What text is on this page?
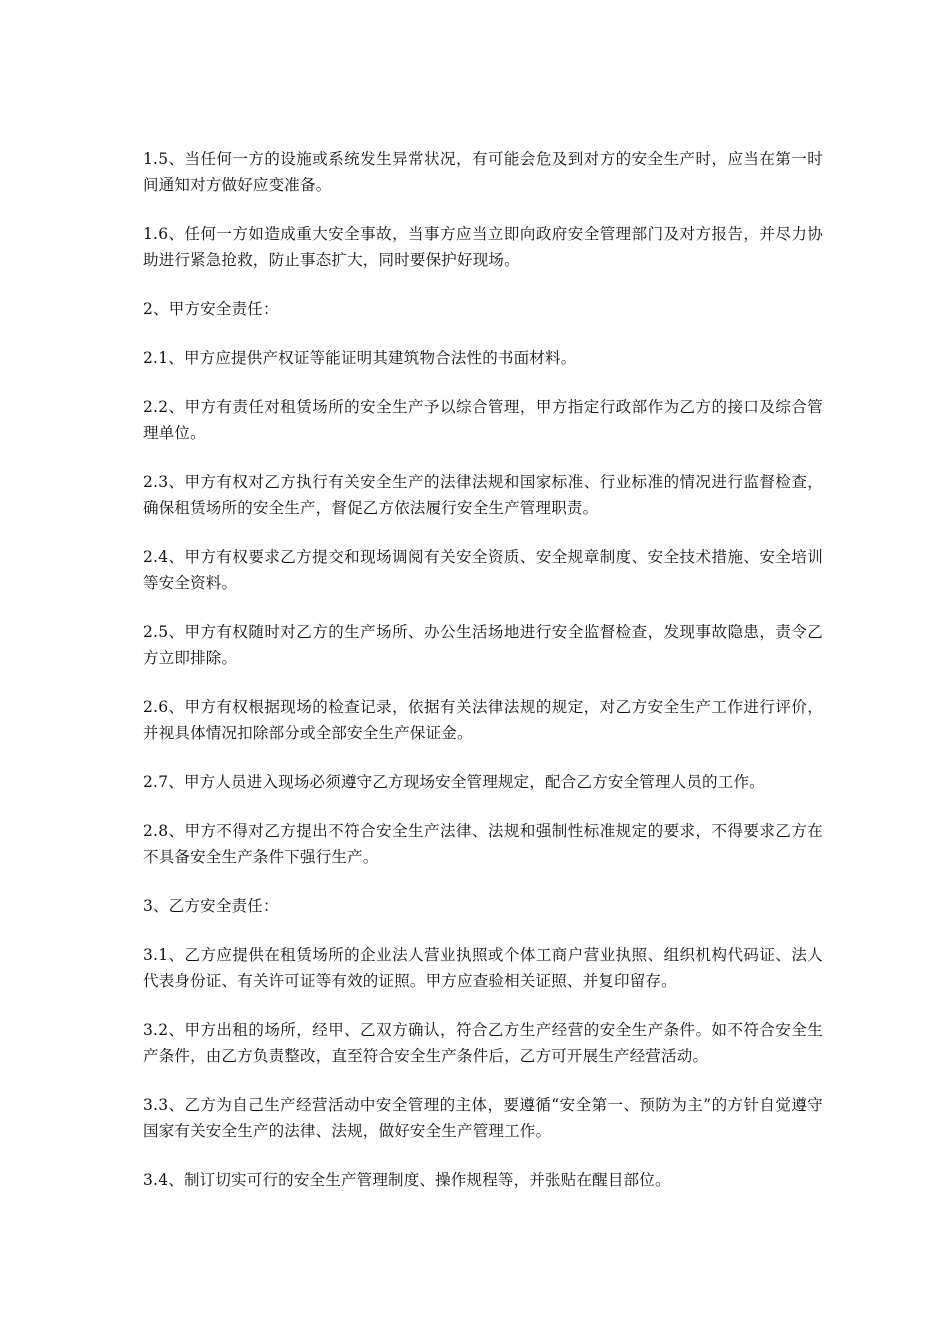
1.5、当任何一方的设施或系统发生异常状况，有可能会危及到对方的安全生产时，应当在第一时间通知对方做好应变准备。

1.6、任何一方如造成重大安全事故，当事方应当立即向政府安全管理部门及对方报告，并尽力协助进行紧急抢救，防止事态扩大，同时要保护好现场。

2、甲方安全责任：

2.1、甲方应提供产权证等能证明其建筑物合法性的书面材料。

2.2、甲方有责任对租赁场所的安全生产予以综合管理，甲方指定行政部作为乙方的接口及综合管理单位。

2.3、甲方有权对乙方执行有关安全生产的法律法规和国家标准、行业标准的情况进行监督检查，确保租赁场所的安全生产，督促乙方依法履行安全生产管理职责。

2.4、甲方有权要求乙方提交和现场调阅有关安全资质、安全规章制度、安全技术措施、安全培训等安全资料。

2.5、甲方有权随时对乙方的生产场所、办公生活场地进行安全监督检查，发现事故隐患，责令乙方立即排除。

2.6、甲方有权根据现场的检查记录，依据有关法律法规的规定，对乙方安全生产工作进行评价，并视具体情况扣除部分或全部安全生产保证金。

2.7、甲方人员进入现场必须遵守乙方现场安全管理规定，配合乙方安全管理人员的工作。

2.8、甲方不得对乙方提出不符合安全生产法律、法规和强制性标准规定的要求，不得要求乙方在不具备安全生产条件下强行生产。

3、乙方安全责任：

3.1、乙方应提供在租赁场所的企业法人营业执照或个体工商户营业执照、组织机构代码证、法人代表身份证、有关许可证等有效的证照。甲方应查验相关证照、并复印留存。

3.2、甲方出租的场所，经甲、乙双方确认，符合乙方生产经营的安全生产条件。如不符合安全生产条件，由乙方负责整改，直至符合安全生产条件后，乙方可开展生产经营活动。

3.3、乙方为自己生产经营活动中安全管理的主体，要遵循“安全第一、预防为主”的方针自觉遵守国家有关安全生产的法律、法规，做好安全生产管理工作。

3.4、制订切实可行的安全生产管理制度、操作规程等，并张贴在醒目部位。
